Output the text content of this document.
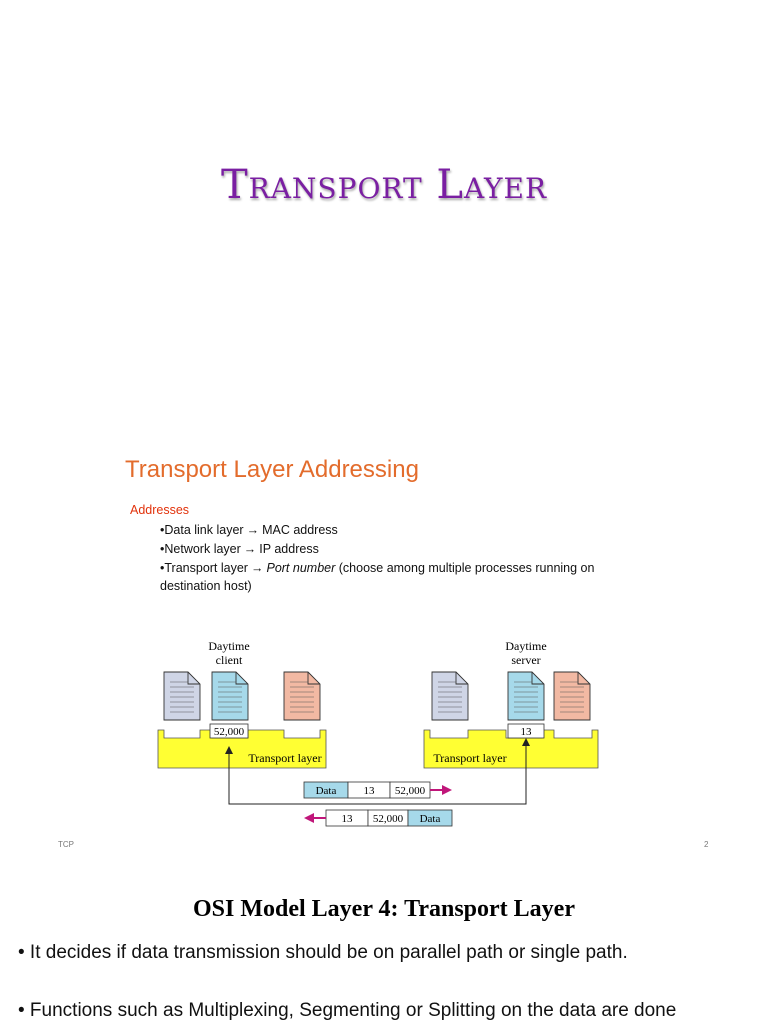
Transport Layer
Transport Layer Addressing
Addresses
•Data link layer → MAC address
•Network layer → IP address
•Transport layer → Port number (choose among multiple processes running on
destination host)
Transport layer	Transport layer
Daytime
client
Daytime
server
52,000	13
Data 13 52,000
13 52,000 Data
TCP	2
OSI Model Layer 4: Transport Layer
• It decides if data transmission should be on parallel path or single path.
• Functions such as Multiplexing, Segmenting or Splitting on the data are done
